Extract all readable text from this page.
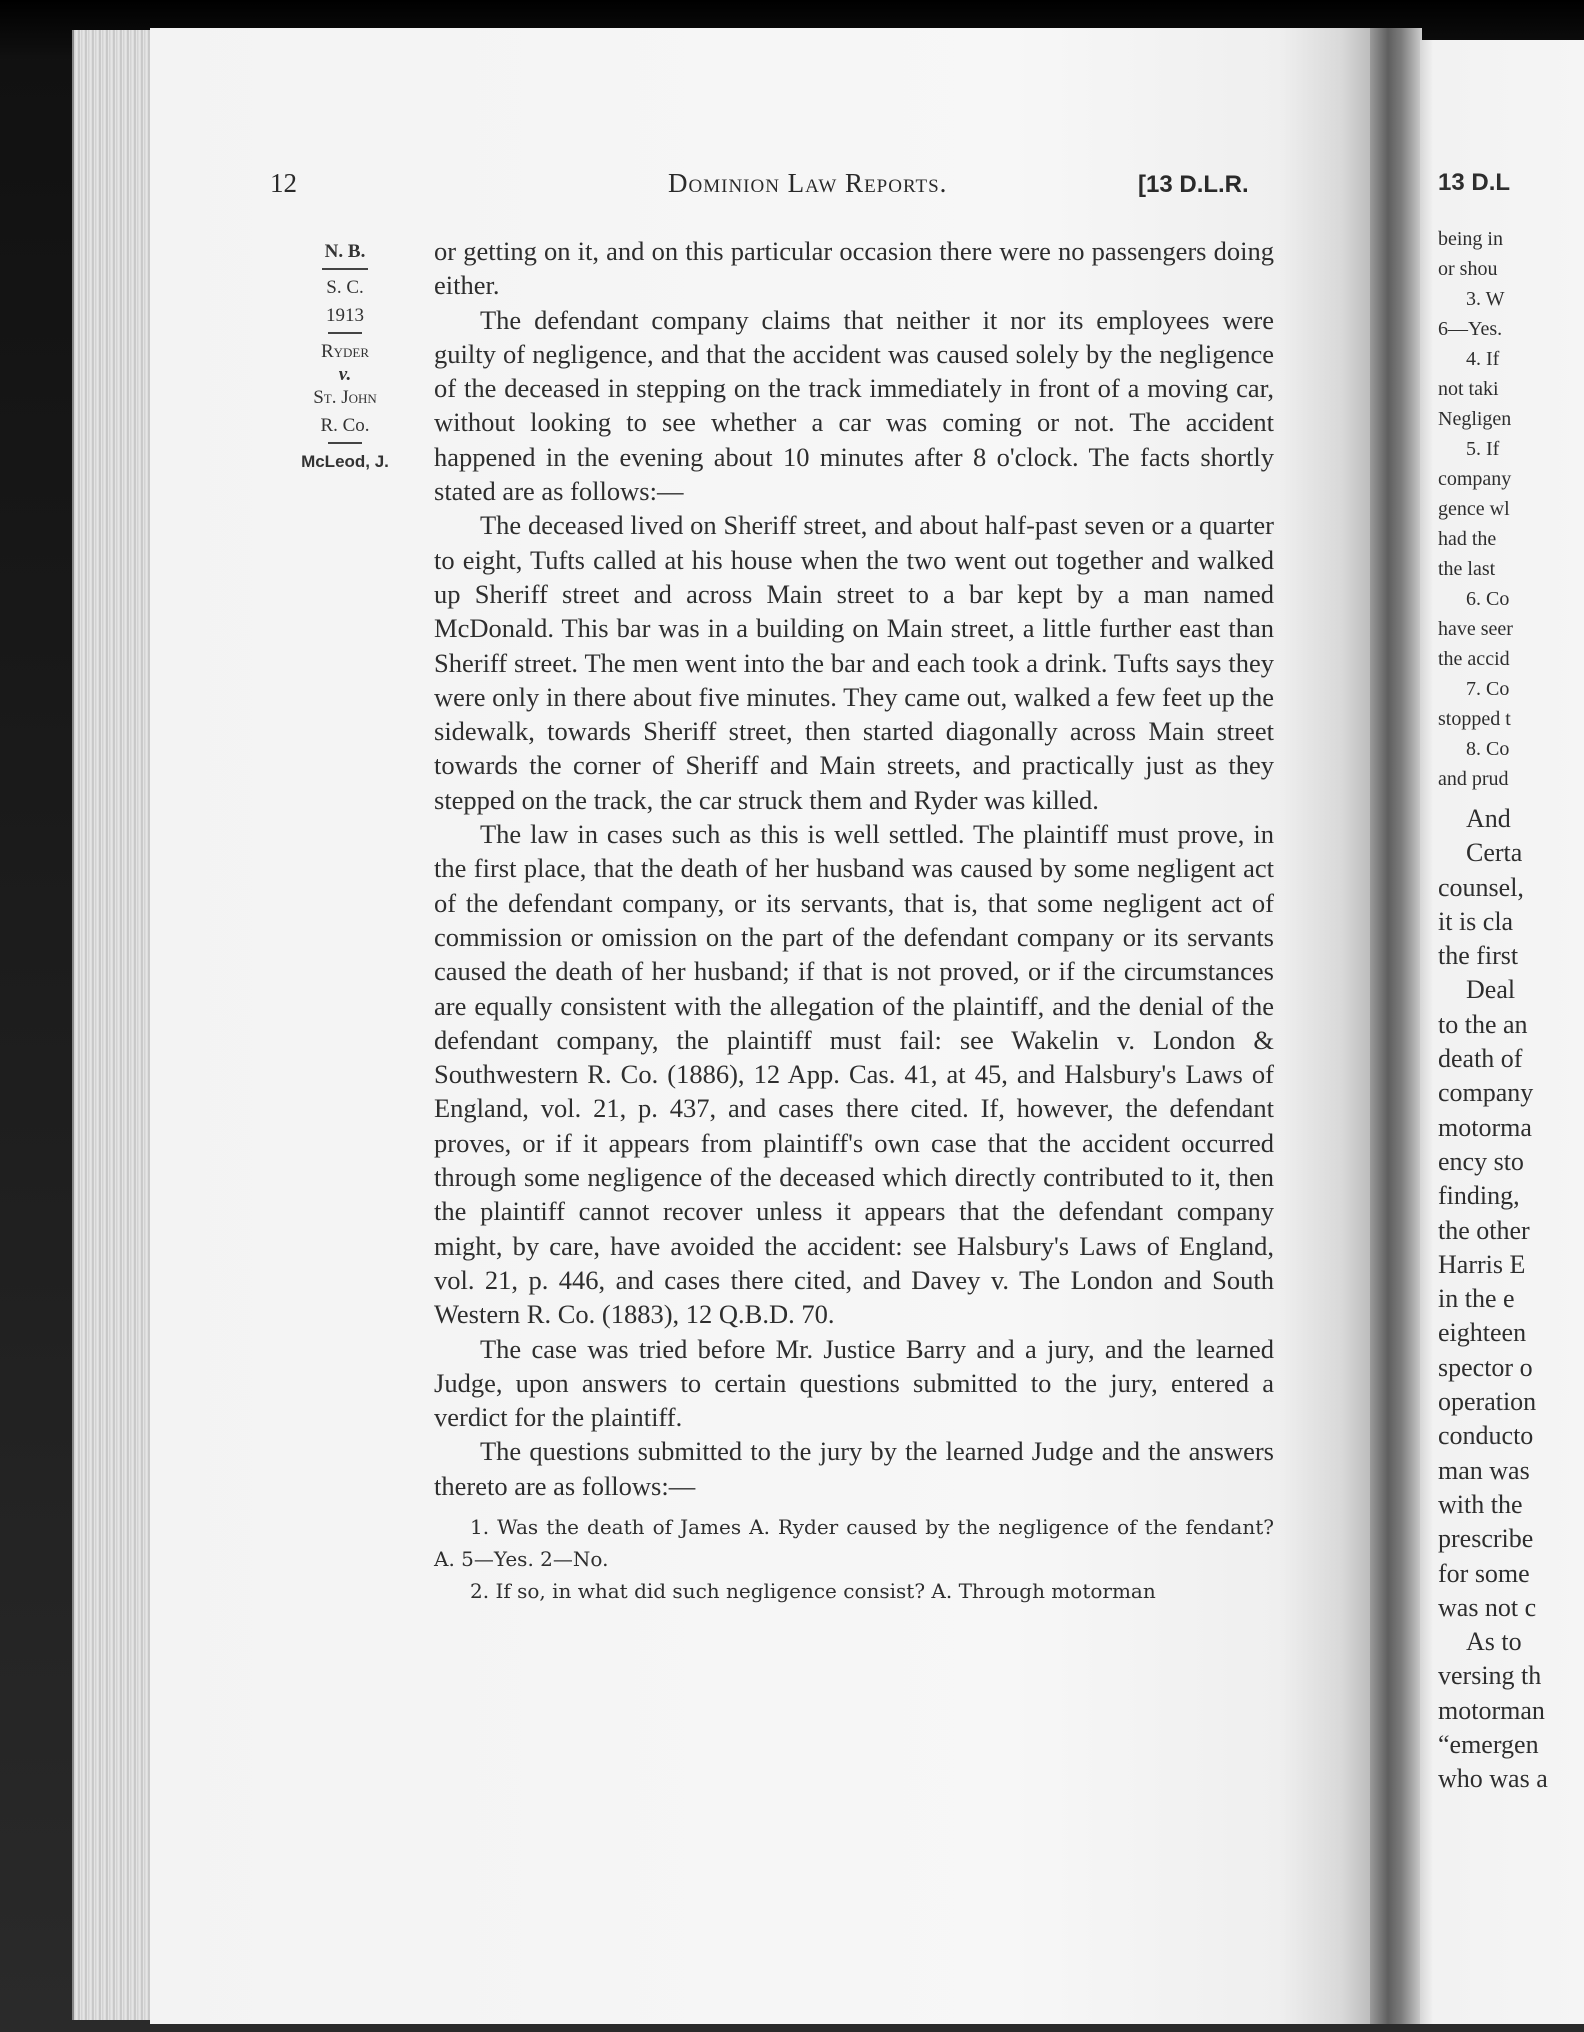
12	Dominion Law Reports.	[13 D.L.R.
N. B.
S. C.
1913
Ryder
v.
St. John
R. Co.
McLeod, J.

or getting on it, and on this particular occasion there were no passengers doing either.

The defendant company claims that neither it nor its employees were guilty of negligence, and that the accident was caused solely by the negligence of the deceased in stepping on the track immediately in front of a moving car, without looking to see whether a car was coming or not. The accident happened in the evening about 10 minutes after 8 o'clock. The facts shortly stated are as follows:—

The deceased lived on Sheriff street, and about half-past seven or a quarter to eight, Tufts called at his house when the two went out together and walked up Sheriff street and across Main street to a bar kept by a man named McDonald. This bar was in a building on Main street, a little further east than Sheriff street. The men went into the bar and each took a drink. Tufts says they were only in there about five minutes. They came out, walked a few feet up the sidewalk, towards Sheriff street, then started diagonally across Main street towards the corner of Sheriff and Main streets, and practically just as they stepped on the track, the car struck them and Ryder was killed.

The law in cases such as this is well settled. The plaintiff must prove, in the first place, that the death of her husband was caused by some negligent act of the defendant company, or its servants, that is, that some negligent act of commission or omission on the part of the defendant company or its servants caused the death of her husband; if that is not proved, or if the circumstances are equally consistent with the allegation of the plaintiff, and the denial of the defendant company, the plaintiff must fail: see Wakelin v. London & Southwestern R. Co. (1886), 12 App. Cas. 41, at 45, and Halsbury's Laws of England, vol. 21, p. 437, and cases there cited. If, however, the defendant proves, or if it appears from plaintiff's own case that the accident occurred through some negligence of the deceased which directly contributed to it, then the plaintiff cannot recover unless it appears that the defendant company might, by care, have avoided the accident: see Halsbury's Laws of England, vol. 21, p. 446, and cases there cited, and Davey v. The London and South Western R. Co. (1883), 12 Q.B.D. 70.

The case was tried before Mr. Justice Barry and a jury, and the learned Judge, upon answers to certain questions submitted to the jury, entered a verdict for the plaintiff.

The questions submitted to the jury by the learned Judge and the answers thereto are as follows:—

1. Was the death of James A. Ryder caused by the negligence of the fendant? A. 5—Yes. 2—No.

2. If so, in what did such negligence consist? A. Through motorman

13 D.L
being in
or shou
3. W
6—Yes.
4. If
not taki
Negligen
5. If
company
gence wl
had the
the last
6. Co
have seer
the accid
7. Co
stopped t
8. Co
and prud
And
Certa
counsel,
it is cla
the first
Deal
to the an
death of
company
motorma
ency sto
finding,
the other
Harris E
in the e
eighteen
spector o
operation
conducto
man was
with the
prescribe
for some
was not c
As to
versing th
motorman
“emergen
who was a
